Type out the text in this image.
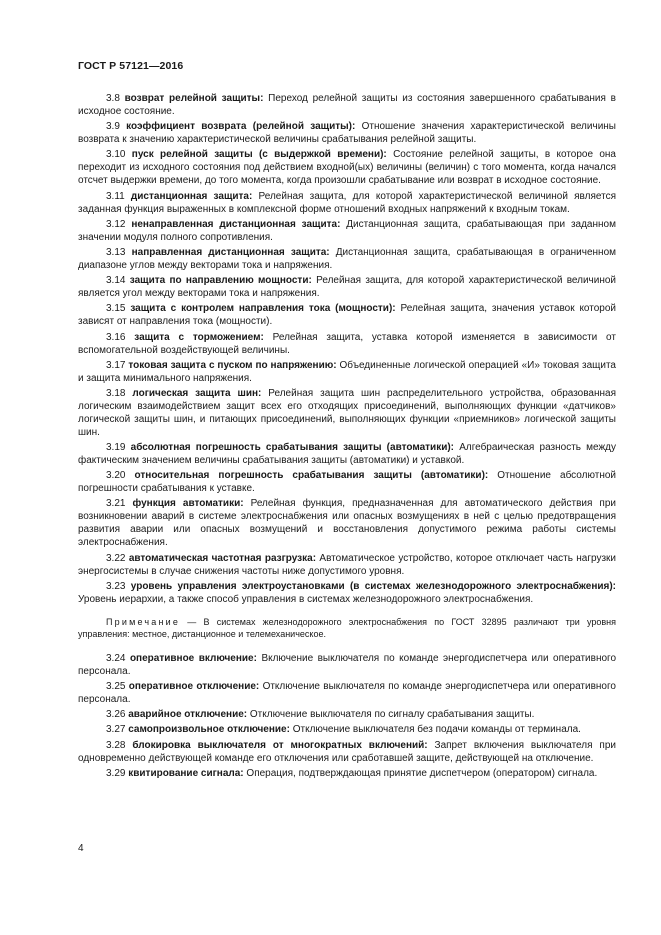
ГОСТ Р 57121—2016

3.8 возврат релейной защиты: Переход релейной защиты из состояния завершенного срабатывания в исходное состояние.

3.9 коэффициент возврата (релейной защиты): Отношение значения характеристической величины возврата к значению характеристической величины срабатывания релейной защиты.

3.10 пуск релейной защиты (с выдержкой времени): Состояние релейной защиты, в которое она переходит из исходного состояния под действием входной(ых) величины (величин) с того момента, когда начался отсчет выдержки времени, до того момента, когда произошли срабатывание или возврат в исходное состояние.

3.11 дистанционная защита: Релейная защита, для которой характеристической величиной является заданная функция выраженных в комплексной форме отношений входных напряжений к входным токам.

3.12 ненаправленная дистанционная защита: Дистанционная защита, срабатывающая при заданном значении модуля полного сопротивления.

3.13 направленная дистанционная защита: Дистанционная защита, срабатывающая в ограниченном диапазоне углов между векторами тока и напряжения.

3.14 защита по направлению мощности: Релейная защита, для которой характеристической величиной является угол между векторами тока и напряжения.

3.15 защита с контролем направления тока (мощности): Релейная защита, значения уставок которой зависят от направления тока (мощности).

3.16 защита с торможением: Релейная защита, уставка которой изменяется в зависимости от вспомогательной воздействующей величины.

3.17 токовая защита с пуском по напряжению: Объединенные логической операцией «И» токовая защита и защита минимального напряжения.

3.18 логическая защита шин: Релейная защита шин распределительного устройства, образованная логическим взаимодействием защит всех его отходящих присоединений, выполняющих функции «датчиков» логической защиты шин, и питающих присоединений, выполняющих функции «приемников» логической защиты шин.

3.19 абсолютная погрешность срабатывания защиты (автоматики): Алгебраическая разность между фактическим значением величины срабатывания защиты (автоматики) и уставкой.

3.20 относительная погрешность срабатывания защиты (автоматики): Отношение абсолютной погрешности срабатывания к уставке.

3.21 функция автоматики: Релейная функция, предназначенная для автоматического действия при возникновении аварий в системе электроснабжения или опасных возмущениях в ней с целью предотвращения развития аварии или опасных возмущений и восстановления допустимого режима работы системы электроснабжения.

3.22 автоматическая частотная разгрузка: Автоматическое устройство, которое отключает часть нагрузки энергосистемы в случае снижения частоты ниже допустимого уровня.

3.23 уровень управления электроустановками (в системах железнодорожного электроснабжения): Уровень иерархии, а также способ управления в системах железнодорожного электроснабжения.

Примечание — В системах железнодорожного электроснабжения по ГОСТ 32895 различают три уровня управления: местное, дистанционное и телемеханическое.

3.24 оперативное включение: Включение выключателя по команде энергодиспетчера или оперативного персонала.

3.25 оперативное отключение: Отключение выключателя по команде энергодиспетчера или оперативного персонала.

3.26 аварийное отключение: Отключение выключателя по сигналу срабатывания защиты.

3.27 самопроизвольное отключение: Отключение выключателя без подачи команды от терминала.

3.28 блокировка выключателя от многократных включений: Запрет включения выключателя при одновременно действующей команде его отключения или сработавшей защите, действующей на отключение.

3.29 квитирование сигнала: Операция, подтверждающая принятие диспетчером (оператором) сигнала.

4
